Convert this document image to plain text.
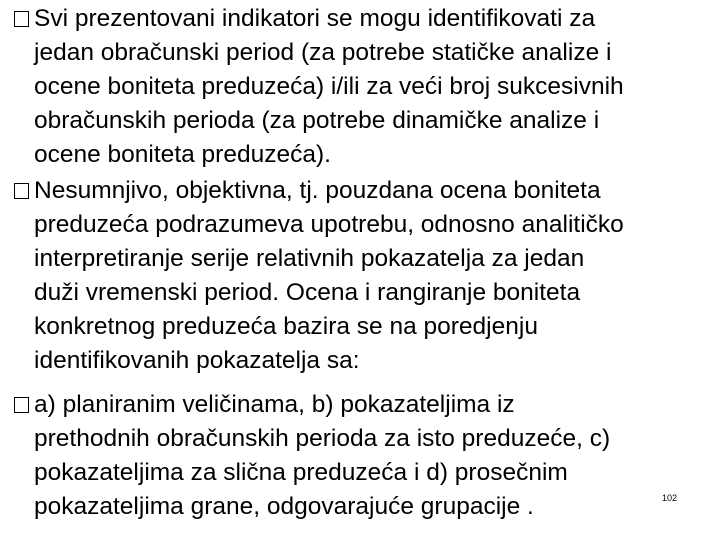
Svi prezentovani indikatori se mogu identifikovati za
jedan obračunski period (za potrebe statičke analize i
ocene boniteta preduzeća) i/ili za veći broj sukcesivnih
obračunskih perioda (za potrebe dinamičke analize i
ocene boniteta preduzeća).
Nesumnjivo, objektivna, tj. pouzdana ocena boniteta
preduzeća podrazumeva upotrebu, odnosno analitičko
interpretiranje serije relativnih pokazatelja za jedan
duži vremenski period. Ocena i rangiranje boniteta
konkretnog preduzeća bazira se na poredjenju
identifikovanih pokazatelja sa:
a) planiranim veličinama, b) pokazateljima iz
prethodnih obračunskih perioda za isto preduzeće, c)
pokazateljima za slična preduzeća i d) prosečnim
pokazateljima grane, odgovarajuće grupacije .	102
